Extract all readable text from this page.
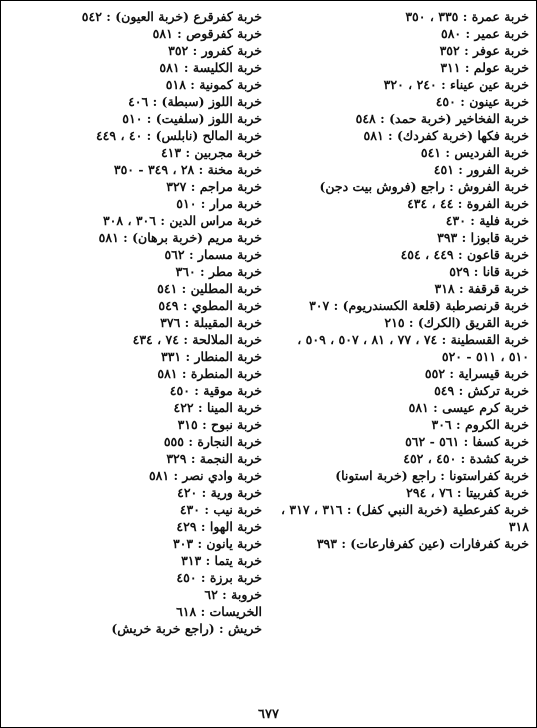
خربة عمرة : ٣٣٥ ، ٣٥٠
خربة عمير : ٥٨٠
خربة عوفر : ٣٥٢
خربة عولم : ٣١١
خربة عين عيناء : ٢٤٠ ، ٣٢٠
خربة عينون : ٤٥٠
خربة الفخاخير (خربة حمد) : ٥٤٨
خربة فكها (خربة كفردك) : ٥٨١
خربة الفرديس : ٥٤١
خربة الفرور : ٤٥١
خربة الفروش : راجع (فروش بيت دجن)
خربة الفروة : ٤٤ ، ٤٣٤
خربة فلية : ٤٣٠
خربة قابوزا : ٣٩٣
خربة قاعون : ٤٤٩ ، ٤٥٤
خربة قانا : ٥٢٩
خربة قرقفة : ٣١٨
خربة قرنصرطبة (قلعة الكسندريوم) : ٣٠٧
خربة القريق (الكرك) : ٢١٥
خربة القسطينة : ٧٤ ، ٧٧ ، ٨١ ، ٥٠٧ ، ٥٠٩ ، ٥١٠ ، ٥١١ - ٥٢٠
خربة قيسراية : ٥٥٢
خربة تركش : ٥٤٩
خربة كرم عيسى : ٥٨١
خربة الكروم : ٣٠٦
خربة كسفا : ٥٦١ - ٥٦٢
خربة كشدة : ٤٥٠ ، ٤٥٢
خربة كفراستونا : راجع (خربة استونا)
خربة كفربيتا : ٧٦ ، ٢٩٤
خربة كفرعطية (خربة النبي كفل) : ٣١٦ ، ٣١٧ ، ٣١٨
خربة كفرفارات (عين كفرفارعات) : ٣٩٣
خربة كفرقرع (خربة العيون) : ٥٤٢
خربة كفرقوص : ٥٨١
خربة كفرور : ٣٥٢
خربة الكليسة : ٥٨١
خربة كمونية : ٥١٨
خربة اللوز (سبطة) : ٤٠٦
خربة اللوز (سلفيت) : ٥١٠
خربة المالح (نابلس) : ٤٠ ، ٤٤٩
خربة مجربين : ٤١٣
خربة مخنة : ٢٨ ، ٣٤٩ - ٣٥٠
خربة مراجم : ٣٢٧
خربة مرار : ٥١٠
خربة مراس الدين : ٣٠٦ ، ٣٠٨
خربة مريم (خربة برهان) : ٥٨١
خربة مسمار : ٥٦٢
خربة مطر : ٣٦٠
خربة المطلين : ٥٤١
خربة المطوي : ٥٤٩
خربة المقيبلة : ٣٧٦
خربة الملالحة : ٧٤ ، ٤٣٤
خربة المنطار : ٣٣١
خربة المنطرة : ٥٨١
خربة موقية : ٤٥٠
خربة المينا : ٤٢٢
خربة نبوح : ٣١٥
خربة النجارة : ٥٥٥
خربة النجمة : ٣٢٩
خربة وادي نصر : ٥٨١
خربة ورية : ٤٢٠
خربة نيب : ٤٣٠
خربة الهوا : ٤٢٩
خربة يانون : ٣٠٣
خربة يتما : ٣١٣
خربة برزة : ٤٥٠
خروبة : ٦٢
الخريسات : ٦١٨
خريش : (راجع خربة خريش)
٦٧٧
